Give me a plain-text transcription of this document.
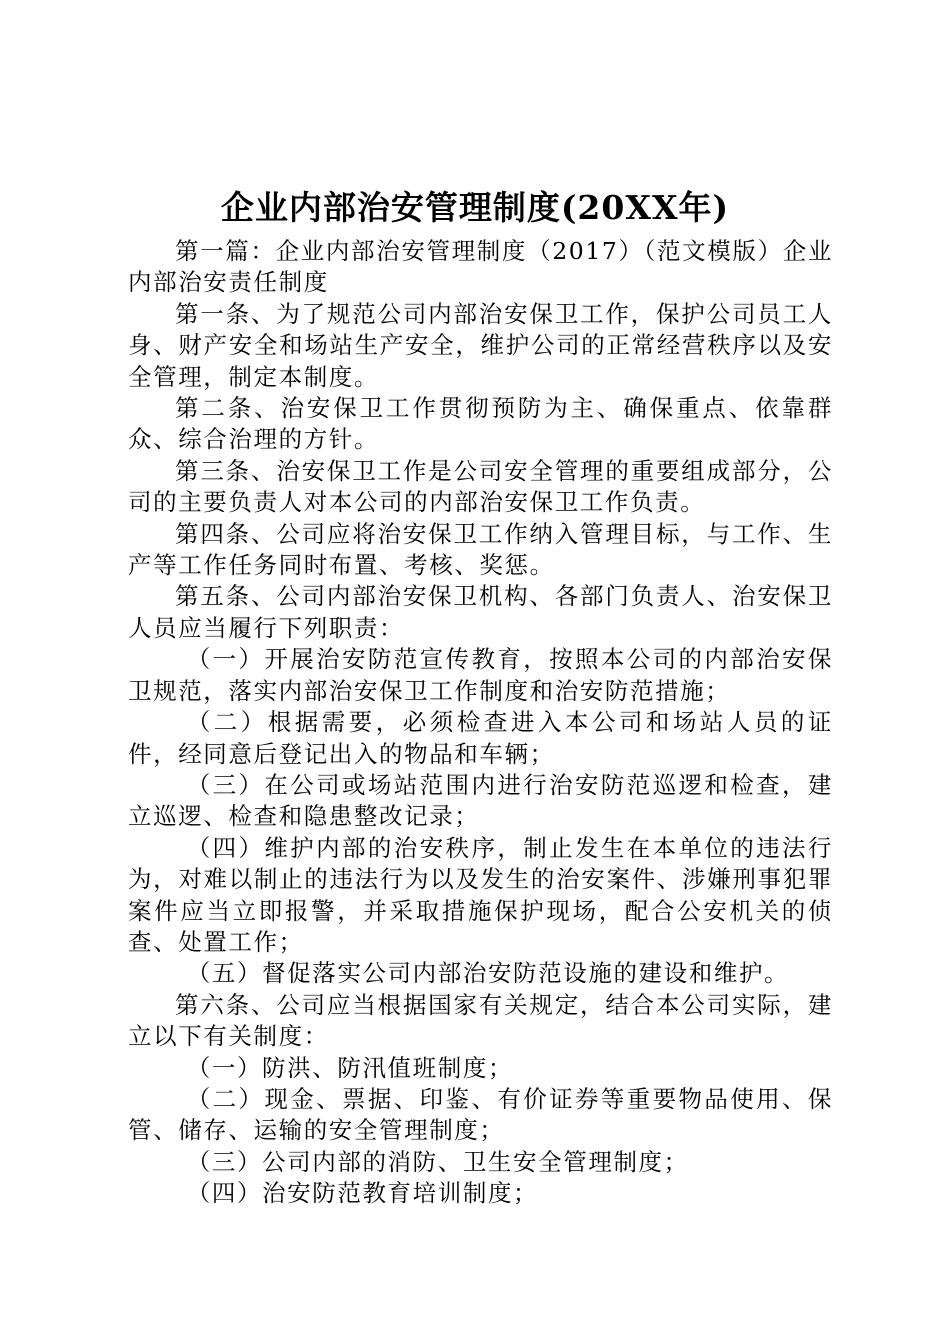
企业内部治安管理制度(20XX年)

第一篇：企业内部治安管理制度（2017）（范文模版）企业内部治安责任制度

第一条、为了规范公司内部治安保卫工作，保护公司员工人身、财产安全和场站生产安全，维护公司的正常经营秩序以及安全管理，制定本制度。

第二条、治安保卫工作贯彻预防为主、确保重点、依靠群众、综合治理的方针。

第三条、治安保卫工作是公司安全管理的重要组成部分，公司的主要负责人对本公司的内部治安保卫工作负责。

第四条、公司应将治安保卫工作纳入管理目标，与工作、生产等工作任务同时布置、考核、奖惩。

第五条、公司内部治安保卫机构、各部门负责人、治安保卫人员应当履行下列职责：

（一）开展治安防范宣传教育，按照本公司的内部治安保卫规范，落实内部治安保卫工作制度和治安防范措施；

（二）根据需要，必须检查进入本公司和场站人员的证件，经同意后登记出入的物品和车辆；

（三）在公司或场站范围内进行治安防范巡逻和检查，建立巡逻、检查和隐患整改记录；

（四）维护内部的治安秩序，制止发生在本单位的违法行为，对难以制止的违法行为以及发生的治安案件、涉嫌刑事犯罪案件应当立即报警，并采取措施保护现场，配合公安机关的侦查、处置工作；

（五）督促落实公司内部治安防范设施的建设和维护。

第六条、公司应当根据国家有关规定，结合本公司实际，建立以下有关制度：

（一）防洪、防汛值班制度；

（二）现金、票据、印鉴、有价证券等重要物品使用、保管、储存、运输的安全管理制度；

（三）公司内部的消防、卫生安全管理制度；

（四）治安防范教育培训制度；
